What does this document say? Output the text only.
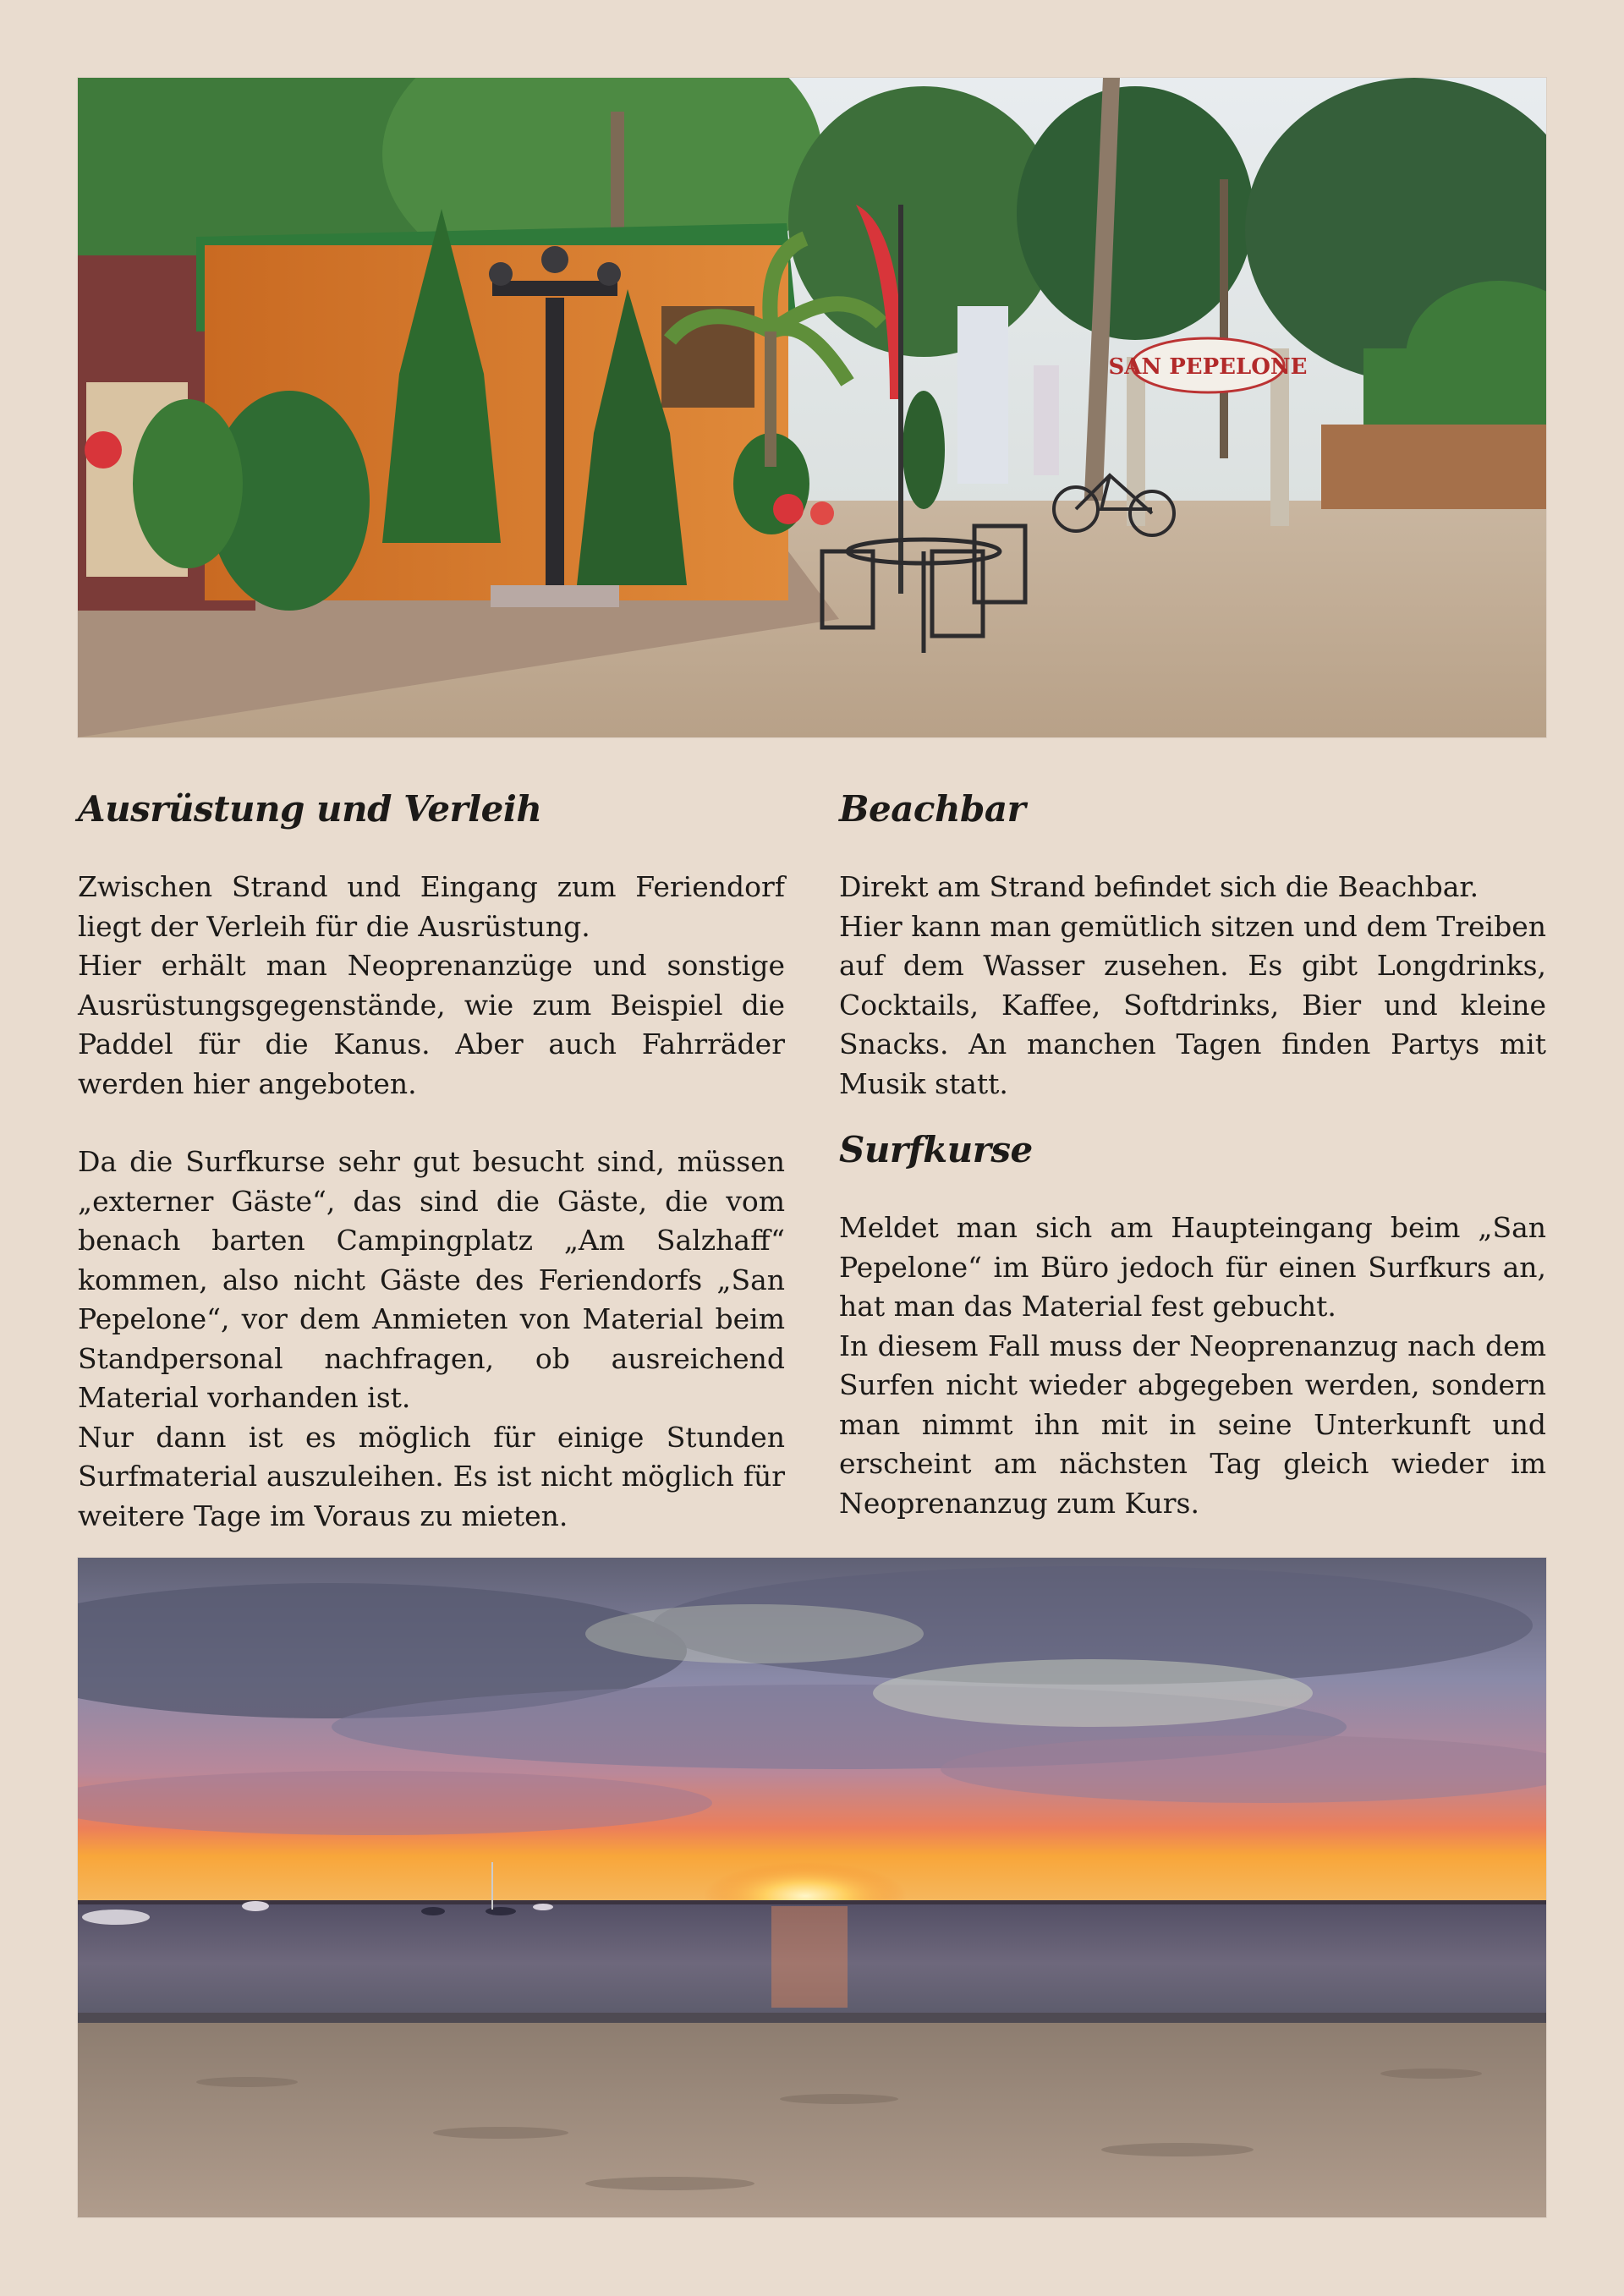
SAN PEPELONE
Ausrüstung und Verleih

Zwischen Strand und Eingang zum Feriendorf liegt der Verleih für die Ausrüstung.

Hier erhält man Neoprenanzüge und sonstige Ausrüstungsgegenstände, wie zum Beispiel die Paddel für die Kanus. Aber auch Fahrräder werden hier angeboten.

Da die Surfkurse sehr gut besucht sind, müssen „externer Gäste“, das sind die Gäste, die vom benach barten Campingplatz „Am Salzhaff“ kommen, also nicht Gäste des Feriendorfs „San Pepelone“, vor dem Anmieten von Material beim Standpersonal nachfragen, ob ausreichend Material vorhanden ist.

Nur dann ist es möglich für einige Stunden Surfmaterial auszuleihen. Es ist nicht möglich für weitere Tage im Voraus zu mieten.

Beachbar

Direkt am Strand befindet sich die Beachbar.

Hier kann man gemütlich sitzen und dem Treiben auf dem Wasser zusehen. Es gibt Longdrinks, Cocktails, Kaffee, Softdrinks, Bier und kleine Snacks. An manchen Tagen finden Partys mit Musik statt.

Surfkurse

Meldet man sich am Haupteingang beim „San Pepelone“ im Büro jedoch für einen Surfkurs an, hat man das Material fest gebucht.

In diesem Fall muss der Neoprenanzug nach dem Surfen nicht wieder abgegeben werden, sondern man nimmt ihn mit in seine Unterkunft und erscheint am nächsten Tag gleich wieder im Neoprenanzug zum Kurs.
